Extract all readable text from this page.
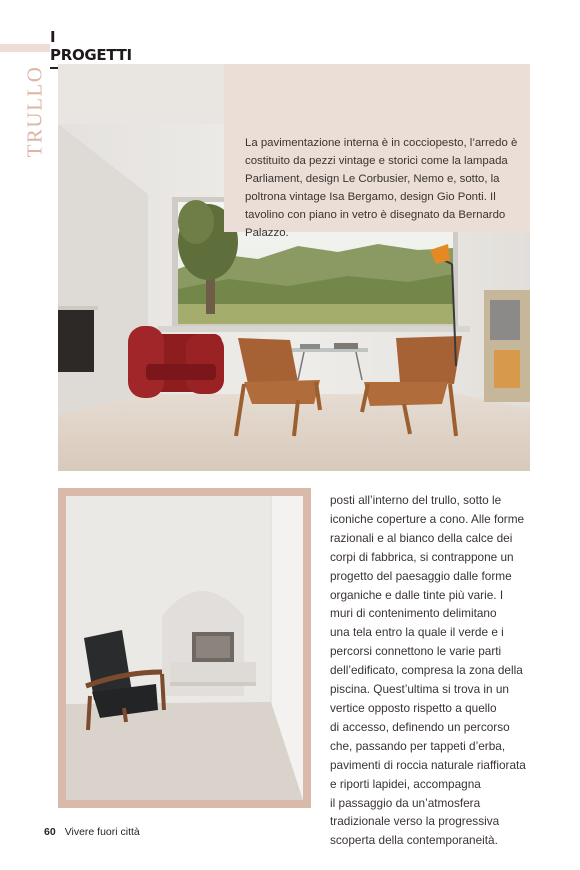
I PROGETTI
TRULLO	La pavimentazione interna è in cocciopesto, l’arredo è costituito da pezzi vintage e storici come la lampada Parliament, design Le Corbusier, Nemo e, sotto, la poltrona vintage Isa Bergamo, design Gio Ponti. Il tavolino con piano in vetro è disegnato da Bernardo Palazzo.

posti all’interno del trullo, sotto le
iconiche coperture a cono. Alle forme
razionali e al bianco della calce dei
corpi di fabbrica, si contrappone un
progetto del paesaggio dalle forme
organiche e dalle tinte più varie. I
muri di contenimento delimitano
una tela entro la quale il verde e i
percorsi connettono le varie parti
dell’edificato, compresa la zona della
piscina. Quest’ultima si trova in un
vertice opposto rispetto a quello
di accesso, definendo un percorso
che, passando per tappeti d’erba,
pavimenti di roccia naturale riaffiorata
e riporti lapidei, accompagna
il passaggio da un’atmosfera
tradizionale verso la progressiva
scoperta della contemporaneità.
60 Vivere fuori città
